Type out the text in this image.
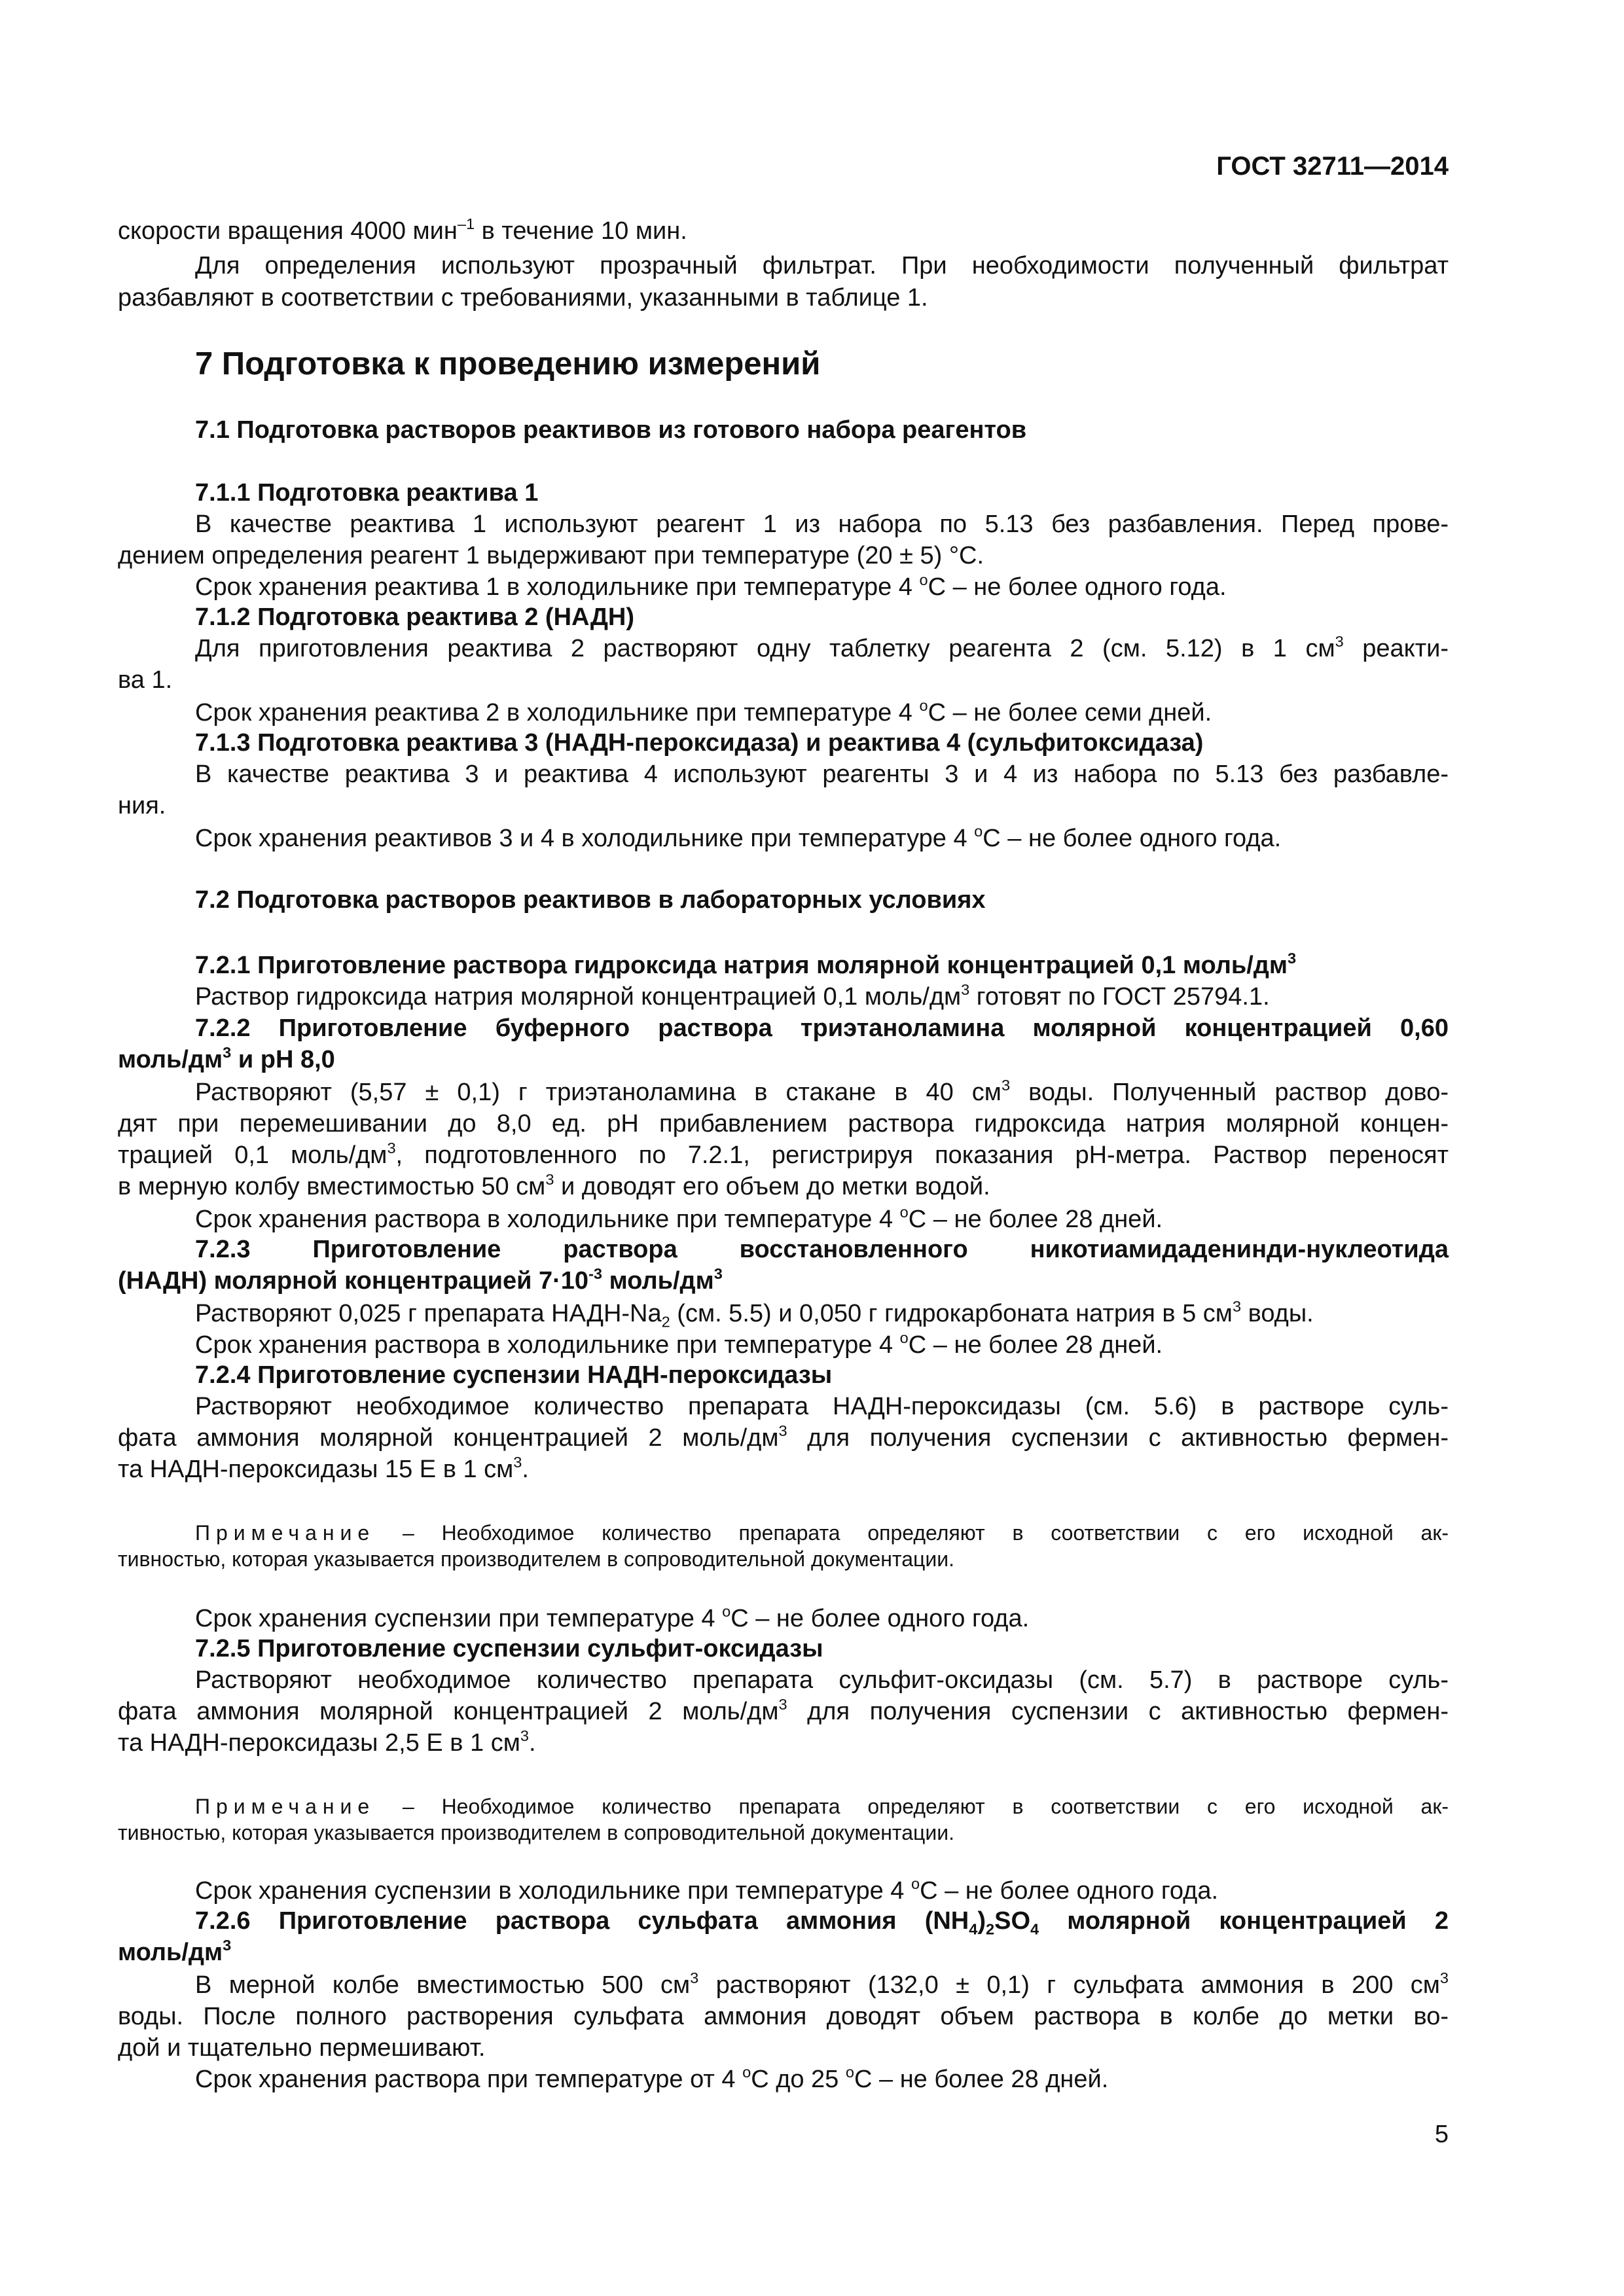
ГОСТ 32711—2014

скорости вращения 4000 мин$^{-1}$ в течение 10 мин.

Для определения используют прозрачный фильтрат. При необходимости полученный фильтрат

разбавляют в соответствии с требованиями, указанными в таблице 1.

7 Подготовка к проведению измерений

7.1 Подготовка растворов реактивов из готового набора реагентов

7.1.1 Подготовка реактива 1

В качестве реактива 1 используют реагент 1 из набора по 5.13 без разбавления. Перед прове-

дением определения реагент 1 выдерживают при температуре (20 ± 5) °С.

Срок хранения реактива 1 в холодильнике при температуре 4 $^о$С – не более одного года.

7.1.2 Подготовка реактива 2 (НАДН)

Для приготовления реактива 2 растворяют одну таблетку реагента 2 (см. 5.12) в 1 $см^3$ реакти-

ва 1.

Срок хранения реактива 2 в холодильнике при температуре 4 $^о$С – не более семи дней.

7.1.3 Подготовка реактива 3 (НАДН-пероксидаза) и реактива 4 (сульфитоксидаза)

В качестве реактива 3 и реактива 4 используют реагенты 3 и 4 из набора по 5.13 без разбавле-

ния.

Срок хранения реактивов 3 и 4 в холодильнике при температуре 4 $^о$С – не более одного года.

7.2 Подготовка растворов реактивов в лабораторных условиях

7.2.1 Приготовление раствора гидроксида натрия молярной концентрацией 0,1 моль/$дм^3$

Раствор гидроксида натрия молярной концентрацией 0,1 моль/$дм^3$ готовят по ГОСТ 25794.1.

7.2.2 Приготовление буферного раствора триэтаноламина молярной концентрацией 0,60

моль/$дм^3$ и рН 8,0

Растворяют (5,57 ± 0,1) г триэтаноламина в стакане в 40 $см^3$ воды. Полученный раствор дово-

дят при перемешивании до 8,0 ед. рН прибавлением раствора гидроксида натрия молярной концен-

трацией 0,1 моль/$дм^3$, подготовленного по 7.2.1, регистрируя показания рН-метра. Раствор переносят

в мерную колбу вместимостью 50 $см^3$ и доводят его объем до метки водой.

Срок хранения раствора в холодильнике при температуре 4 $^о$С – не более 28 дней.

7.2.3 Приготовление раствора восстановленного никотиамидаденинди-нуклеотида

(НАДН) молярной концентрацией $7\cdot 10^{-3}$ моль/$дм^3$

Растворяют 0,025 г препарата НАДН-$Na_2$ (см. 5.5) и 0,050 г гидрокарбоната натрия в 5 $см^3$ воды.

Срок хранения раствора в холодильнике при температуре 4 $^о$С – не более 28 дней.

7.2.4 Приготовление суспензии НАДН-пероксидазы

Растворяют необходимое количество препарата НАДН-пероксидазы (см. 5.6) в растворе суль-

фата аммония молярной концентрацией 2 моль/$дм^3$ для получения суспензии с активностью фермен-

та НАДН-пероксидазы 15 Е в 1 $см^3$.

Примечание – Необходимое количество препарата определяют в соответствии с его исходной ак-

тивностью, которая указывается производителем в сопроводительной документации.

Срок хранения суспензии при температуре 4 $^о$С – не более одного года.

7.2.5 Приготовление суспензии сульфит-оксидазы

Растворяют необходимое количество препарата сульфит-оксидазы (см. 5.7) в растворе суль-

фата аммония молярной концентрацией 2 моль/$дм^3$ для получения суспензии с активностью фермен-

та НАДН-пероксидазы 2,5 Е в 1 $см^3$.

Примечание – Необходимое количество препарата определяют в соответствии с его исходной ак-

тивностью, которая указывается производителем в сопроводительной документации.

Срок хранения суспензии в холодильнике при температуре 4 $^о$С – не более одного года.

7.2.6 Приготовление раствора сульфата аммония $(NH_4)_2SO_4$ молярной концентрацией 2

моль/$дм^3$

В мерной колбе вместимостью 500 $см^3$ растворяют (132,0 ± 0,1) г сульфата аммония в 200 $см^3$

воды. После полного растворения сульфата аммония доводят объем раствора в колбе до метки во-

дой и тщательно пермешивают.

Срок хранения раствора при температуре от 4 $^о$С до 25 $^о$С – не более 28 дней.

5
